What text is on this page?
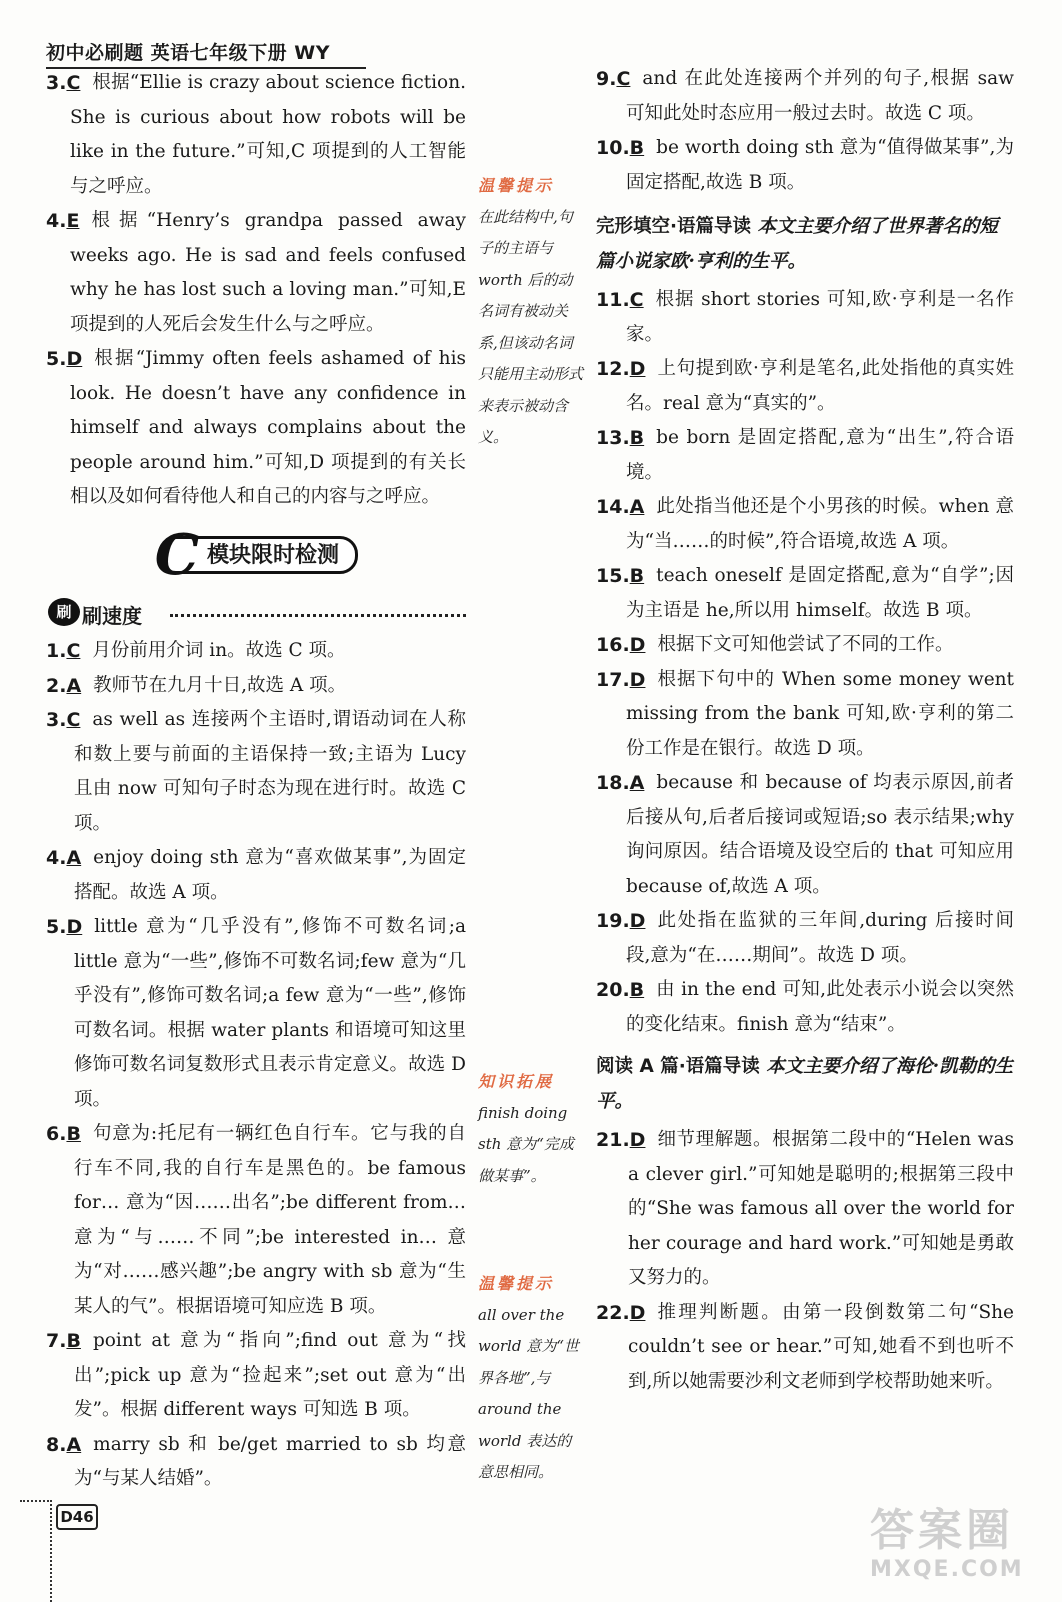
初中必刷题 英语七年级下册 WY
3.C 根据“Ellie is crazy about science fiction. She is curious about how robots will be like in the future.”可知,C 项提到的人工智能与之呼应。
4.E 根据“Henry’s grandpa passed away weeks ago. He is sad and feels confused why he has lost such a loving man.”可知,E 项提到的人死后会发生什么与之呼应。
5.D 根据“Jimmy often feels ashamed of his look. He doesn’t have any confidence in himself and always complains about the people around him.”可知,D 项提到的有关长相以及如何看待他人和自己的内容与之呼应。
C 模块限时检测
刷 刷速度
1.C 月份前用介词 in。故选 C 项。
2.A 教师节在九月十日,故选 A 项。
3.C as well as 连接两个主语时,谓语动词在人称和数上要与前面的主语保持一致;主语为 Lucy 且由 now 可知句子时态为现在进行时。故选 C 项。
4.A enjoy doing sth 意为“喜欢做某事”,为固定搭配。故选 A 项。
5.D little 意为“几乎没有”,修饰不可数名词;a little 意为“一些”,修饰不可数名词;few 意为“几乎没有”,修饰可数名词;a few 意为“一些”,修饰可数名词。根据 water plants 和语境可知这里修饰可数名词复数形式且表示肯定意义。故选 D 项。
6.B 句意为:托尼有一辆红色自行车。它与我的自行车不同,我的自行车是黑色的。be famous for… 意为“因……出名”;be different from… 意为“与……不同”;be interested in… 意为“对……感兴趣”;be angry with sb 意为“生某人的气”。根据语境可知应选 B 项。
7.B point at 意为“指向”;find out 意为“找出”;pick up 意为“捡起来”;set out 意为“出发”。根据 different ways 可知选 B 项。
8.A marry sb 和 be/get married to sb 均意为“与某人结婚”。
温馨提示
在此结构中,句子的主语与 worth 后的动名词有被动关系,但该动名词只能用主动形式来表示被动含义。
知识拓展
finish doing sth 意为“完成做某事”。
温馨提示
all over the world 意为“世界各地”,与 around the world 表达的意思相同。
9.C and 在此处连接两个并列的句子,根据 saw 可知此处时态应用一般过去时。故选 C 项。
10.B be worth doing sth 意为“值得做某事”,为固定搭配,故选 B 项。
完形填空·语篇导读 本文主要介绍了世界著名的短篇小说家欧·亨利的生平。
11.C 根据 short stories 可知,欧·亨利是一名作家。
12.D 上句提到欧·亨利是笔名,此处指他的真实姓名。real 意为“真实的”。
13.B be born 是固定搭配,意为“出生”,符合语境。
14.A 此处指当他还是个小男孩的时候。when 意为“当……的时候”,符合语境,故选 A 项。
15.B teach oneself 是固定搭配,意为“自学”;因为主语是 he,所以用 himself。故选 B 项。
16.D 根据下文可知他尝试了不同的工作。
17.D 根据下句中的 When some money went missing from the bank 可知,欧·亨利的第二份工作是在银行。故选 D 项。
18.A because 和 because of 均表示原因,前者后接从句,后者后接词或短语;so 表示结果;why 询问原因。结合语境及设空后的 that 可知应用 because of,故选 A 项。
19.D 此处指在监狱的三年间,during 后接时间段,意为“在……期间”。故选 D 项。
20.B 由 in the end 可知,此处表示小说会以突然的变化结束。finish 意为“结束”。
阅读 A 篇·语篇导读 本文主要介绍了海伦·凯勒的生平。
21.D 细节理解题。根据第二段中的“Helen was a clever girl.”可知她是聪明的;根据第三段中的“She was famous all over the world for her courage and hard work.”可知她是勇敢又努力的。
22.D 推理判断题。由第一段倒数第二句“She couldn’t see or hear.”可知,她看不到也听不到,所以她需要沙利文老师到学校帮助她来听。
D46	答案圈
MXQE.COM
